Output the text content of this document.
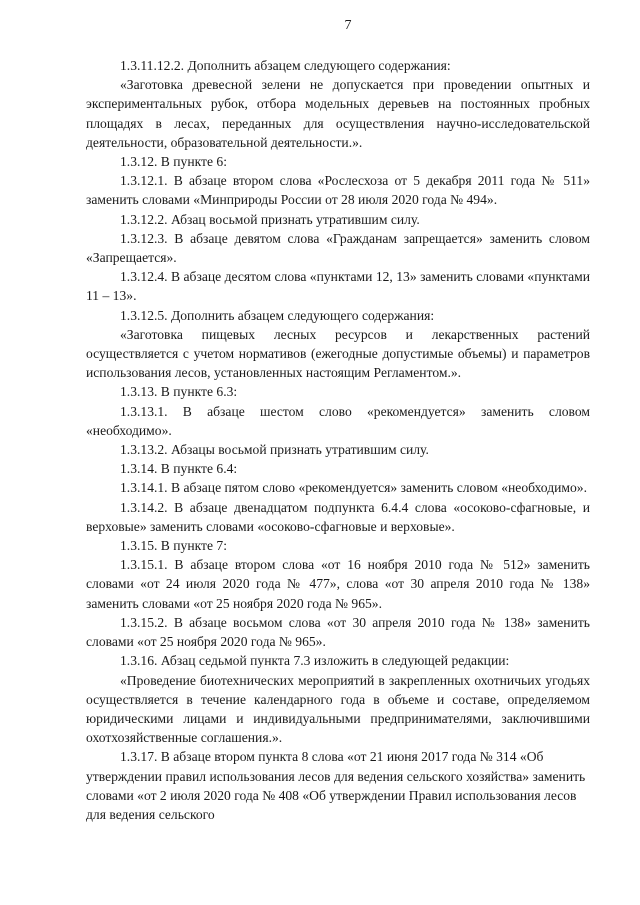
7

1.3.11.12.2. Дополнить абзацем следующего содержания:

«Заготовка древесной зелени не допускается при проведении опытных и экспериментальных рубок, отбора модельных деревьев на постоянных пробных площадях в лесах, переданных для осуществления научно-исследовательской деятельности, образовательной деятельности.».

1.3.12. В пункте 6:

1.3.12.1. В абзаце втором слова «Рослесхоза от 5 декабря 2011 года № 511» заменить словами «Минприроды России от 28 июля 2020 года № 494».

1.3.12.2. Абзац восьмой признать утратившим силу.

1.3.12.3. В абзаце девятом слова «Гражданам запрещается» заменить словом «Запрещается».

1.3.12.4. В абзаце десятом слова «пунктами 12, 13» заменить словами «пунктами 11 – 13».

1.3.12.5. Дополнить абзацем следующего содержания:

«Заготовка пищевых лесных ресурсов и лекарственных растений осуществляется с учетом нормативов (ежегодные допустимые объемы) и параметров использования лесов, установленных настоящим Регламентом.».

1.3.13. В пункте 6.3:

1.3.13.1. В абзаце шестом слово «рекомендуется» заменить словом «необходимо».

1.3.13.2. Абзацы восьмой признать утратившим силу.

1.3.14. В пункте 6.4:

1.3.14.1. В абзаце пятом слово «рекомендуется» заменить словом «необходимо».

1.3.14.2. В абзаце двенадцатом подпункта 6.4.4 слова «осоково-сфагновые, и верховые» заменить словами «осоково-сфагновые и верховые».

1.3.15. В пункте 7:

1.3.15.1. В абзаце втором слова «от 16 ноября 2010 года № 512» заменить словами «от 24 июля 2020 года № 477», слова «от 30 апреля 2010 года № 138» заменить словами «от 25 ноября 2020 года № 965».

1.3.15.2. В абзаце восьмом слова «от 30 апреля 2010 года № 138» заменить словами «от 25 ноября 2020 года № 965».

1.3.16. Абзац седьмой пункта 7.3 изложить в следующей редакции:

«Проведение биотехнических мероприятий в закрепленных охотничьих угодьях осуществляется в течение календарного года в объеме и составе, определяемом юридическими лицами и индивидуальными предпринимателями, заключившими охотхозяйственные соглашения.».

1.3.17. В абзаце втором пункта 8 слова «от 21 июня 2017 года № 314 «Об утверждении правил использования лесов для ведения сельского хозяйства» заменить словами «от 2 июля 2020 года № 408 «Об утверждении Правил использования лесов для ведения сельского
